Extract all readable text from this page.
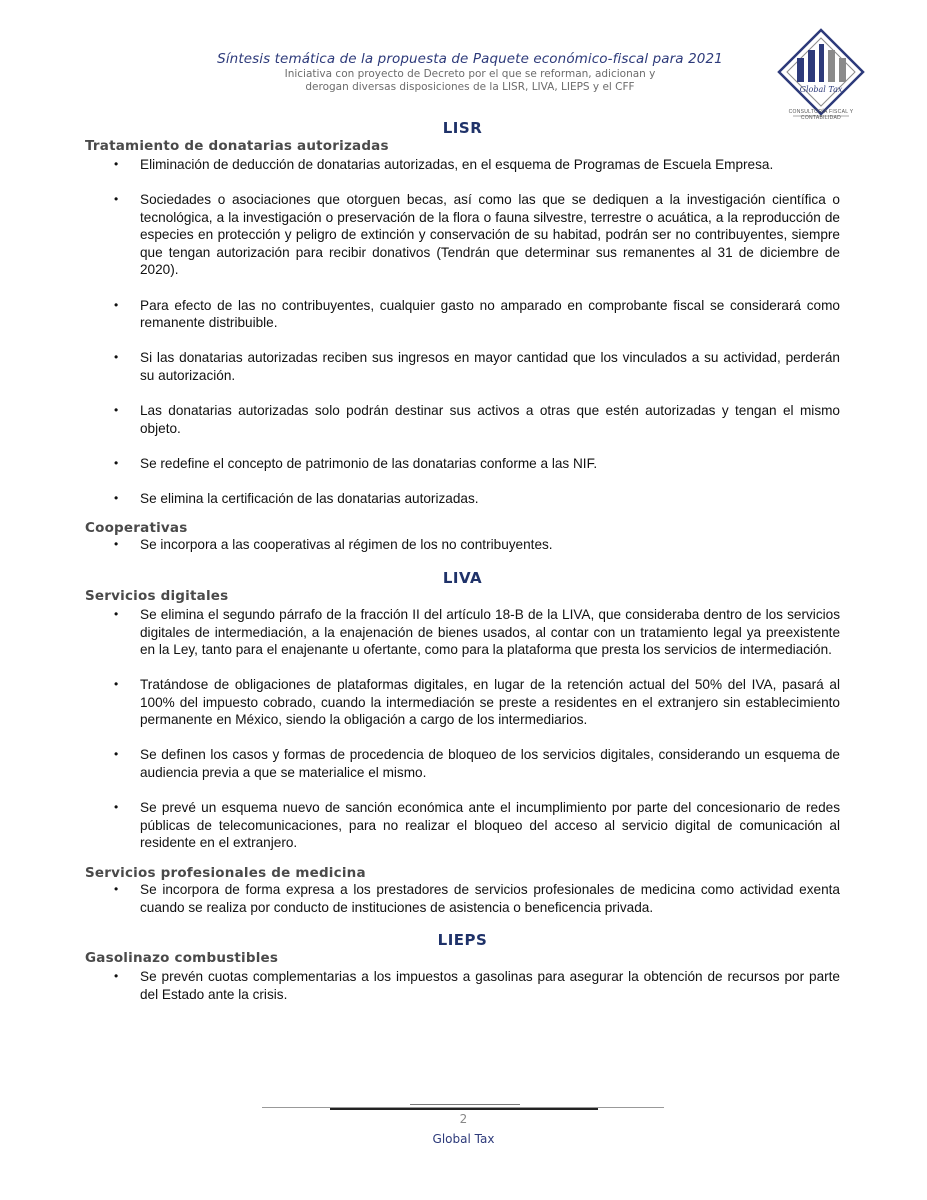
Síntesis temática de la propuesta de Paquete económico-fiscal para 2021
Iniciativa con proyecto de Decreto por el que se reforman, adicionan y
derogan diversas disposiciones de la LISR, LIVA, LIEPS y el CFF	Global Tax
CONSULTORÍA FISCAL Y CONTABILIDAD
LISR
Tratamiento de donatarias autorizadas
• Eliminación de deducción de donatarias autorizadas, en el esquema de Programas de Escuela Empresa.
• Sociedades o asociaciones que otorguen becas, así como las que se dediquen a la investigación científica o tecnológica, a la investigación o preservación de la flora o fauna silvestre, terrestre o acuática, a la reproducción de especies en protección y peligro de extinción y conservación de su habitad, podrán ser no contribuyentes, siempre que tengan autorización para recibir donativos (Tendrán que determinar sus remanentes al 31 de diciembre de 2020).
• Para efecto de las no contribuyentes, cualquier gasto no amparado en comprobante fiscal se considerará como remanente distribuible.
• Si las donatarias autorizadas reciben sus ingresos en mayor cantidad que los vinculados a su actividad, perderán su autorización.
• Las donatarias autorizadas solo podrán destinar sus activos a otras que estén autorizadas y tengan el mismo objeto.
• Se redefine el concepto de patrimonio de las donatarias conforme a las NIF.
• Se elimina la certificación de las donatarias autorizadas.
Cooperativas
• Se incorpora a las cooperativas al régimen de los no contribuyentes.
LIVA
Servicios digitales
• Se elimina el segundo párrafo de la fracción II del artículo 18-B de la LIVA, que consideraba dentro de los servicios digitales de intermediación, a la enajenación de bienes usados, al contar con un tratamiento legal ya preexistente en la Ley, tanto para el enajenante u ofertante, como para la plataforma que presta los servicios de intermediación.
• Tratándose de obligaciones de plataformas digitales, en lugar de la retención actual del 50% del IVA, pasará al 100% del impuesto cobrado, cuando la intermediación se preste a residentes en el extranjero sin establecimiento permanente en México, siendo la obligación a cargo de los intermediarios.
• Se definen los casos y formas de procedencia de bloqueo de los servicios digitales, considerando un esquema de audiencia previa a que se materialice el mismo.
• Se prevé un esquema nuevo de sanción económica ante el incumplimiento por parte del concesionario de redes públicas de telecomunicaciones, para no realizar el bloqueo del acceso al servicio digital de comunicación al residente en el extranjero.
Servicios profesionales de medicina
• Se incorpora de forma expresa a los prestadores de servicios profesionales de medicina como actividad exenta cuando se realiza por conducto de instituciones de asistencia o beneficencia privada.
LIEPS
Gasolinazo combustibles
• Se prevén cuotas complementarias a los impuestos a gasolinas para asegurar la obtención de recursos por parte del Estado ante la crisis.
2
Global Tax
